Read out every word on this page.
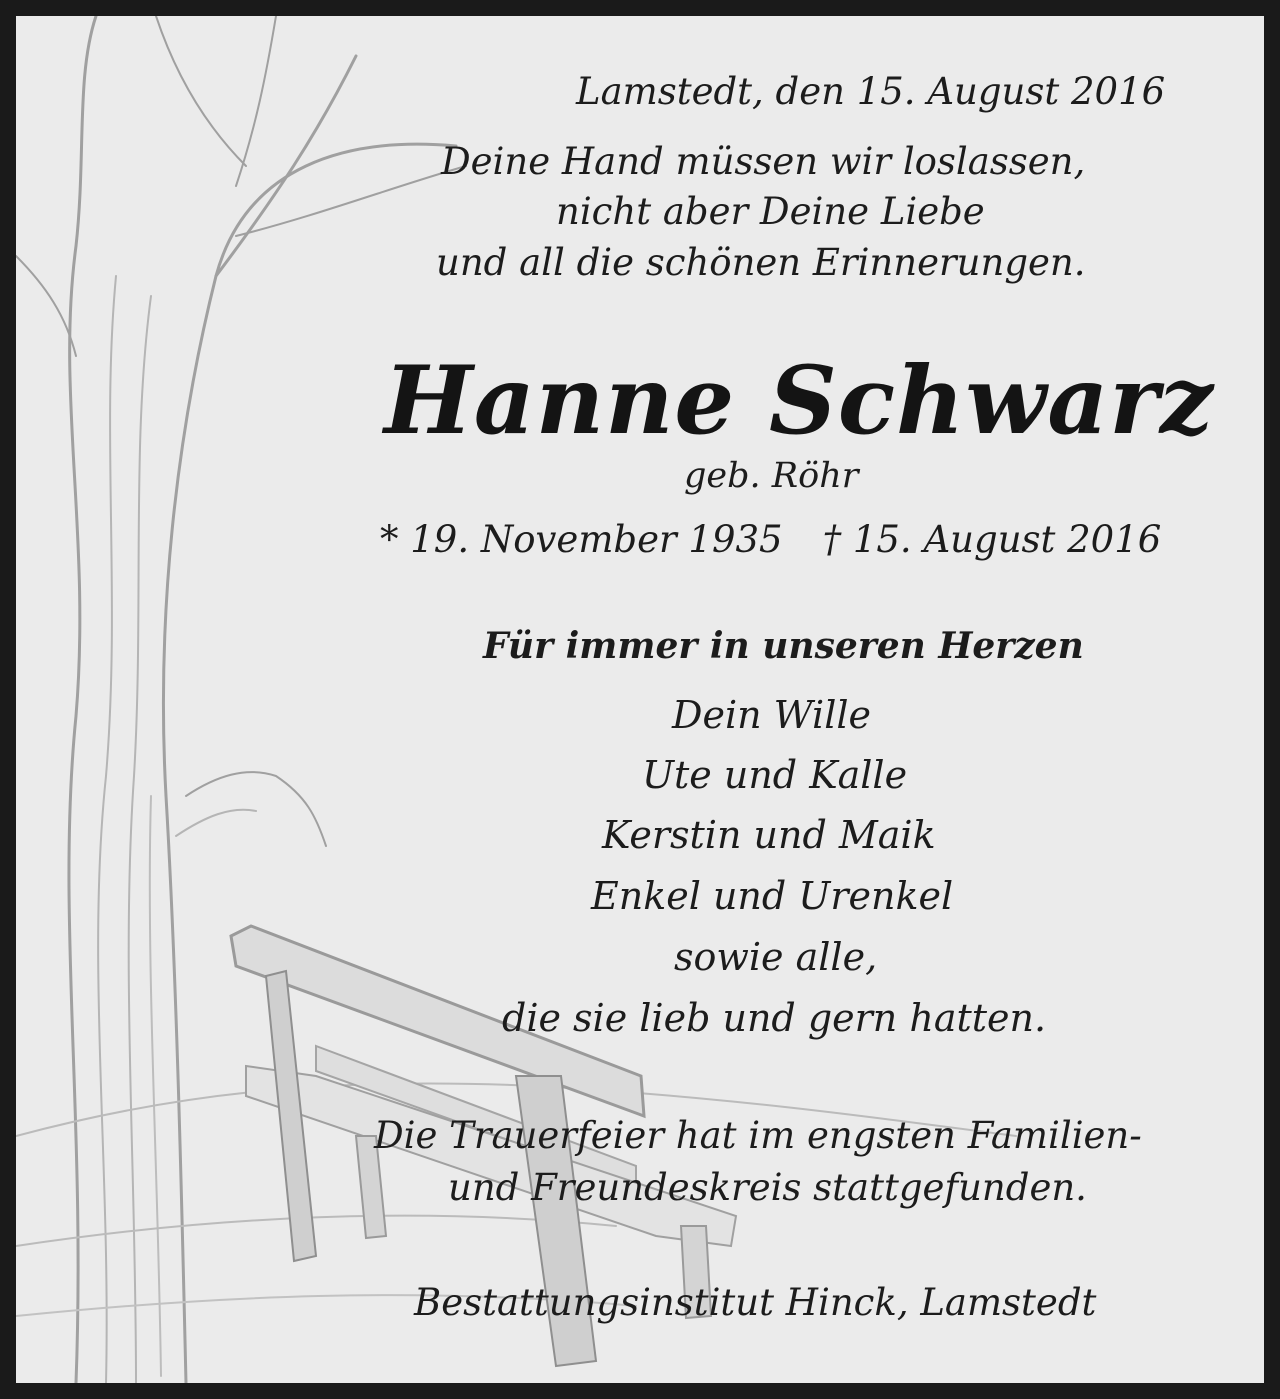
Lamstedt, den 15. August 2016

Deine Hand müssen wir loslassen,

nicht aber Deine Liebe

und all die schönen Erinnerungen.

Hanne Schwarz

geb. Röhr

* 19. November 1935 † 15. August 2016

Für immer in unseren Herzen

Dein Wille

Ute und Kalle

Kerstin und Maik

Enkel und Urenkel

sowie alle,

die sie lieb und gern hatten.

Die Trauerfeier hat im engsten Familien-

und Freundeskreis stattgefunden.

Bestattungsinstitut Hinck, Lamstedt
